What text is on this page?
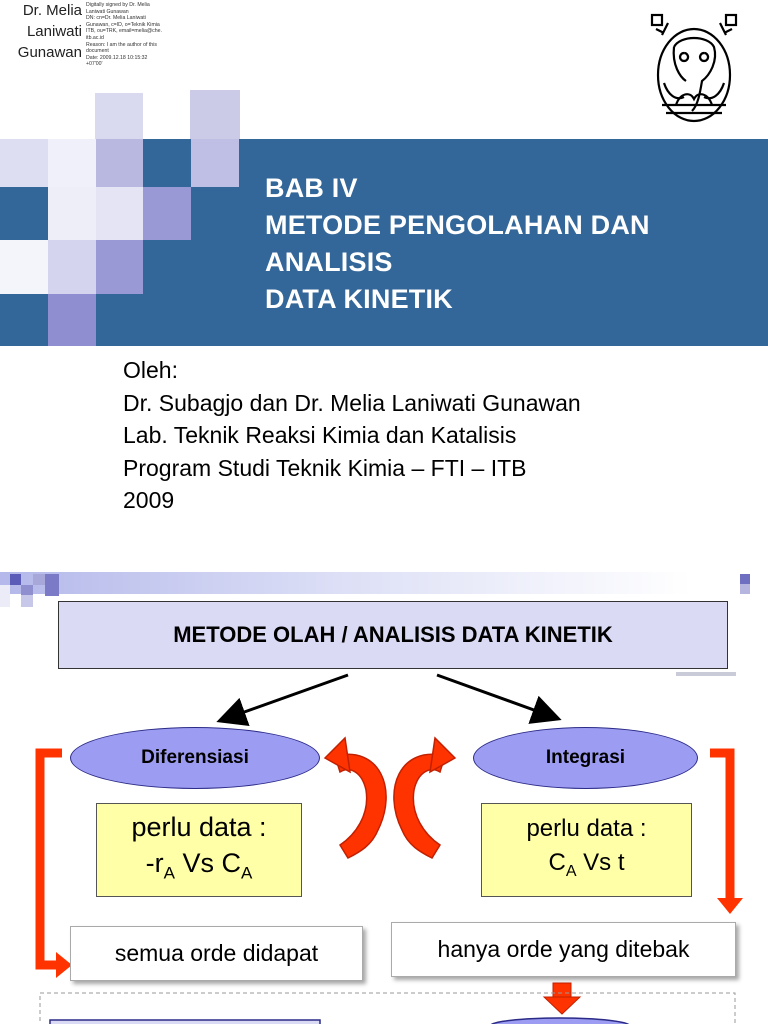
Dr. Melia
Laniwati
Gunawan
Digitally signed by Dr. Melia
Laniwati Gunawan
DN: cn=Dr. Melia Laniwati
Gunawan, c=ID, o=Teknik Kimia
ITB, ou=TRK, email=melia@che.
itb.ac.id
Reason: I am the author of this
document
Date: 2009.12.18 10:15:32
+07'00'
BAB IV
METODE PENGOLAHAN DAN
ANALISIS
DATA KINETIK
Oleh:
Dr. Subagjo dan Dr. Melia Laniwati Gunawan
Lab. Teknik Reaksi Kimia dan Katalisis
Program Studi Teknik Kimia – FTI – ITB
2009
METODE OLAH / ANALISIS DATA KINETIK
Diferensiasi	Integrasi
perlu data :
$-r_A$ Vs $C_A$
perlu data :
$C_A$ Vs t
semua orde didapat	hanya orde yang ditebak
